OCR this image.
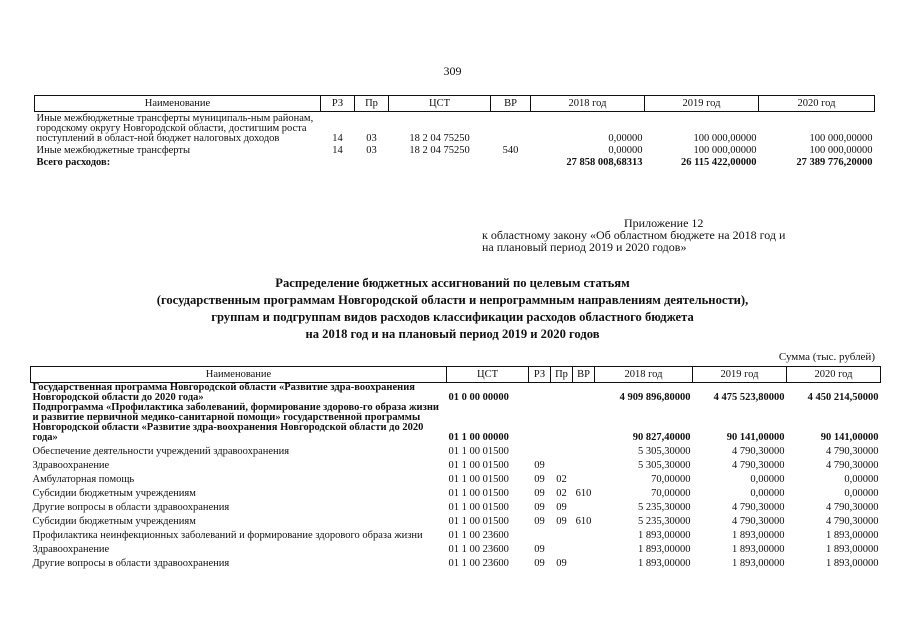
309
Наименование	РЗ	Пр	ЦСТ	ВР	2018 год	2019 год	2020 год
Иные межбюджетные трансферты муниципаль-ным районам, городскому округу Новгородской области, достигшим роста поступлений в област-ной бюджет налоговых доходов	14	03	18 2 04 75250		0,00000	100 000,00000	100 000,00000
Иные межбюджетные трансферты	14	03	18 2 04 75250	540	0,00000	100 000,00000	100 000,00000
Всего расходов:					27 858 008,68313	26 115 422,00000	27 389 776,20000
Приложение 12
к областному закону «Об областном бюджете на 2018 год и
на плановый период 2019 и 2020 годов»
Распределение бюджетных ассигнований по целевым статьям
(государственным программам Новгородской области и непрограммным направлениям деятельности),
группам и подгруппам видов расходов классификации расходов областного бюджета
на 2018 год и на плановый период 2019 и 2020 годов
Сумма (тыс. рублей)
Наименование	ЦСТ	РЗ	Пр	ВР	2018 год	2019 год	2020 год
Государственная программа Новгородской области «Развитие здра-воохранения Новгородской области до 2020 года»	01 0 00 00000				4 909 896,80000	4 475 523,80000	4 450 214,50000
Подпрограмма «Профилактика заболеваний, формирование здорово-го образа жизни и развитие первичной медико-санитарной помощи» государственной программы Новгородской области «Развитие здра-воохранения Новгородской области до 2020 года»	01 1 00 00000				90 827,40000	90 141,00000	90 141,00000
Обеспечение деятельности учреждений здравоохранения	01 1 00 01500				5 305,30000	4 790,30000	4 790,30000
Здравоохранение	01 1 00 01500	09			5 305,30000	4 790,30000	4 790,30000
Амбулаторная помощь	01 1 00 01500	09	02		70,00000	0,00000	0,00000
Субсидии бюджетным учреждениям	01 1 00 01500	09	02	610	70,00000	0,00000	0,00000
Другие вопросы в области здравоохранения	01 1 00 01500	09	09		5 235,30000	4 790,30000	4 790,30000
Субсидии бюджетным учреждениям	01 1 00 01500	09	09	610	5 235,30000	4 790,30000	4 790,30000
Профилактика неинфекционных заболеваний и формирование здорового образа жизни	01 1 00 23600				1 893,00000	1 893,00000	1 893,00000
Здравоохранение	01 1 00 23600	09			1 893,00000	1 893,00000	1 893,00000
Другие вопросы в области здравоохранения	01 1 00 23600	09	09		1 893,00000	1 893,00000	1 893,00000
